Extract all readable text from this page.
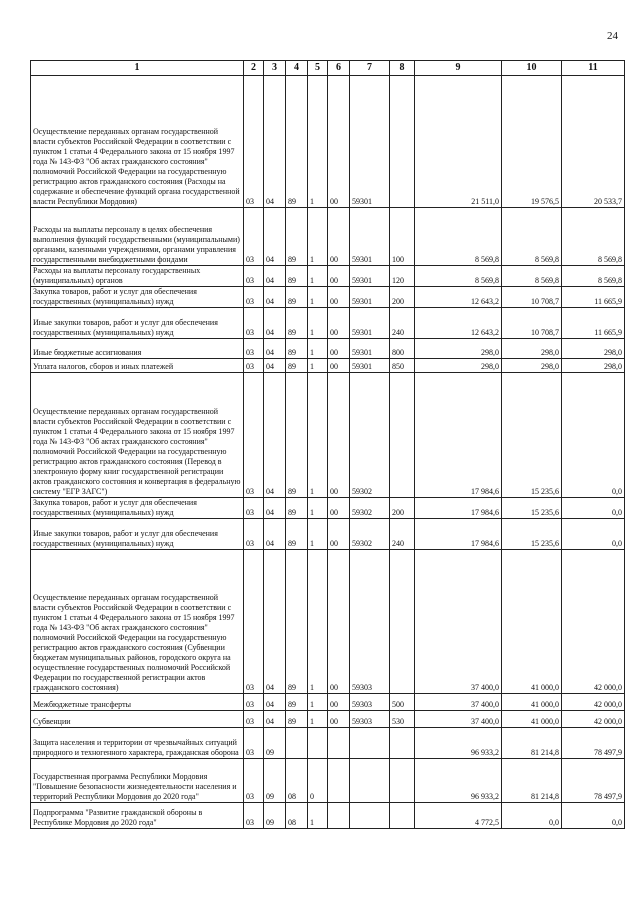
24
1	2	3	4	5	6	7	8	9	10	11
Осуществление переданных органам государственной власти субъектов Российской Федерации в соответствии с пунктом 1 статьи 4 Федерального закона от 15 ноября 1997 года № 143-ФЗ "Об актах гражданского состояния" полномочий Российской Федерации на государственную регистрацию актов гражданского состояния (Расходы на содержание и обеспечение функций органа государственной власти Республики Мордовия)	03	04	89	1	00	59301		21 511,0	19 576,5	20 533,7
Расходы на выплаты персоналу в целях обеспечения выполнения функций государственными (муниципальными) органами, казенными учреждениями, органами управления государственными внебюджетными фондами	03	04	89	1	00	59301	100	8 569,8	8 569,8	8 569,8
Расходы на выплаты персоналу государственных (муниципальных) органов	03	04	89	1	00	59301	120	8 569,8	8 569,8	8 569,8
Закупка товаров, работ и услуг для обеспечения государственных (муниципальных) нужд	03	04	89	1	00	59301	200	12 643,2	10 708,7	11 665,9
Иные закупки товаров, работ и услуг для обеспечения государственных (муниципальных) нужд	03	04	89	1	00	59301	240	12 643,2	10 708,7	11 665,9
Иные бюджетные ассигнования	03	04	89	1	00	59301	800	298,0	298,0	298,0
Уплата налогов, сборов и иных платежей	03	04	89	1	00	59301	850	298,0	298,0	298,0
Осуществление переданных органам государственной власти субъектов Российской Федерации в соответствии с пунктом 1 статьи 4 Федерального закона от 15 ноября 1997 года № 143-ФЗ "Об актах гражданского состояния" полномочий Российской Федерации на государственную регистрацию актов гражданского состояния (Перевод в электронную форму книг государственной регистрации актов гражданского состояния и конвертация в федеральную систему "ЕГР ЗАГС")	03	04	89	1	00	59302		17 984,6	15 235,6	0,0
Закупка товаров, работ и услуг для обеспечения государственных (муниципальных) нужд	03	04	89	1	00	59302	200	17 984,6	15 235,6	0,0
Иные закупки товаров, работ и услуг для обеспечения государственных (муниципальных) нужд	03	04	89	1	00	59302	240	17 984,6	15 235,6	0,0
Осуществление переданных органам государственной власти субъектов Российской Федерации в соответствии с пунктом 1 статьи 4 Федерального закона от 15 ноября 1997 года № 143-ФЗ "Об актах гражданского состояния" полномочий Российской Федерации на государственную регистрацию актов гражданского состояния (Субвенции бюджетам муниципальных районов, городского округа на осуществление государственных полномочий Российской Федерации по государственной регистрации актов гражданского состояния)	03	04	89	1	00	59303		37 400,0	41 000,0	42 000,0
Межбюджетные трансферты	03	04	89	1	00	59303	500	37 400,0	41 000,0	42 000,0
Субвенции	03	04	89	1	00	59303	530	37 400,0	41 000,0	42 000,0
Защита населения и территории от чрезвычайных ситуаций природного и техногенного характера, гражданская оборона	03	09						96 933,2	81 214,8	78 497,9
Государственная программа Республики Мордовия "Повышение безопасности жизнедеятельности населения и территорий Республики Мордовия до 2020 года"	03	09	08	0				96 933,2	81 214,8	78 497,9
Подпрограмма "Развитие гражданской обороны в Республике Мордовия до 2020 года"	03	09	08	1				4 772,5	0,0	0,0
